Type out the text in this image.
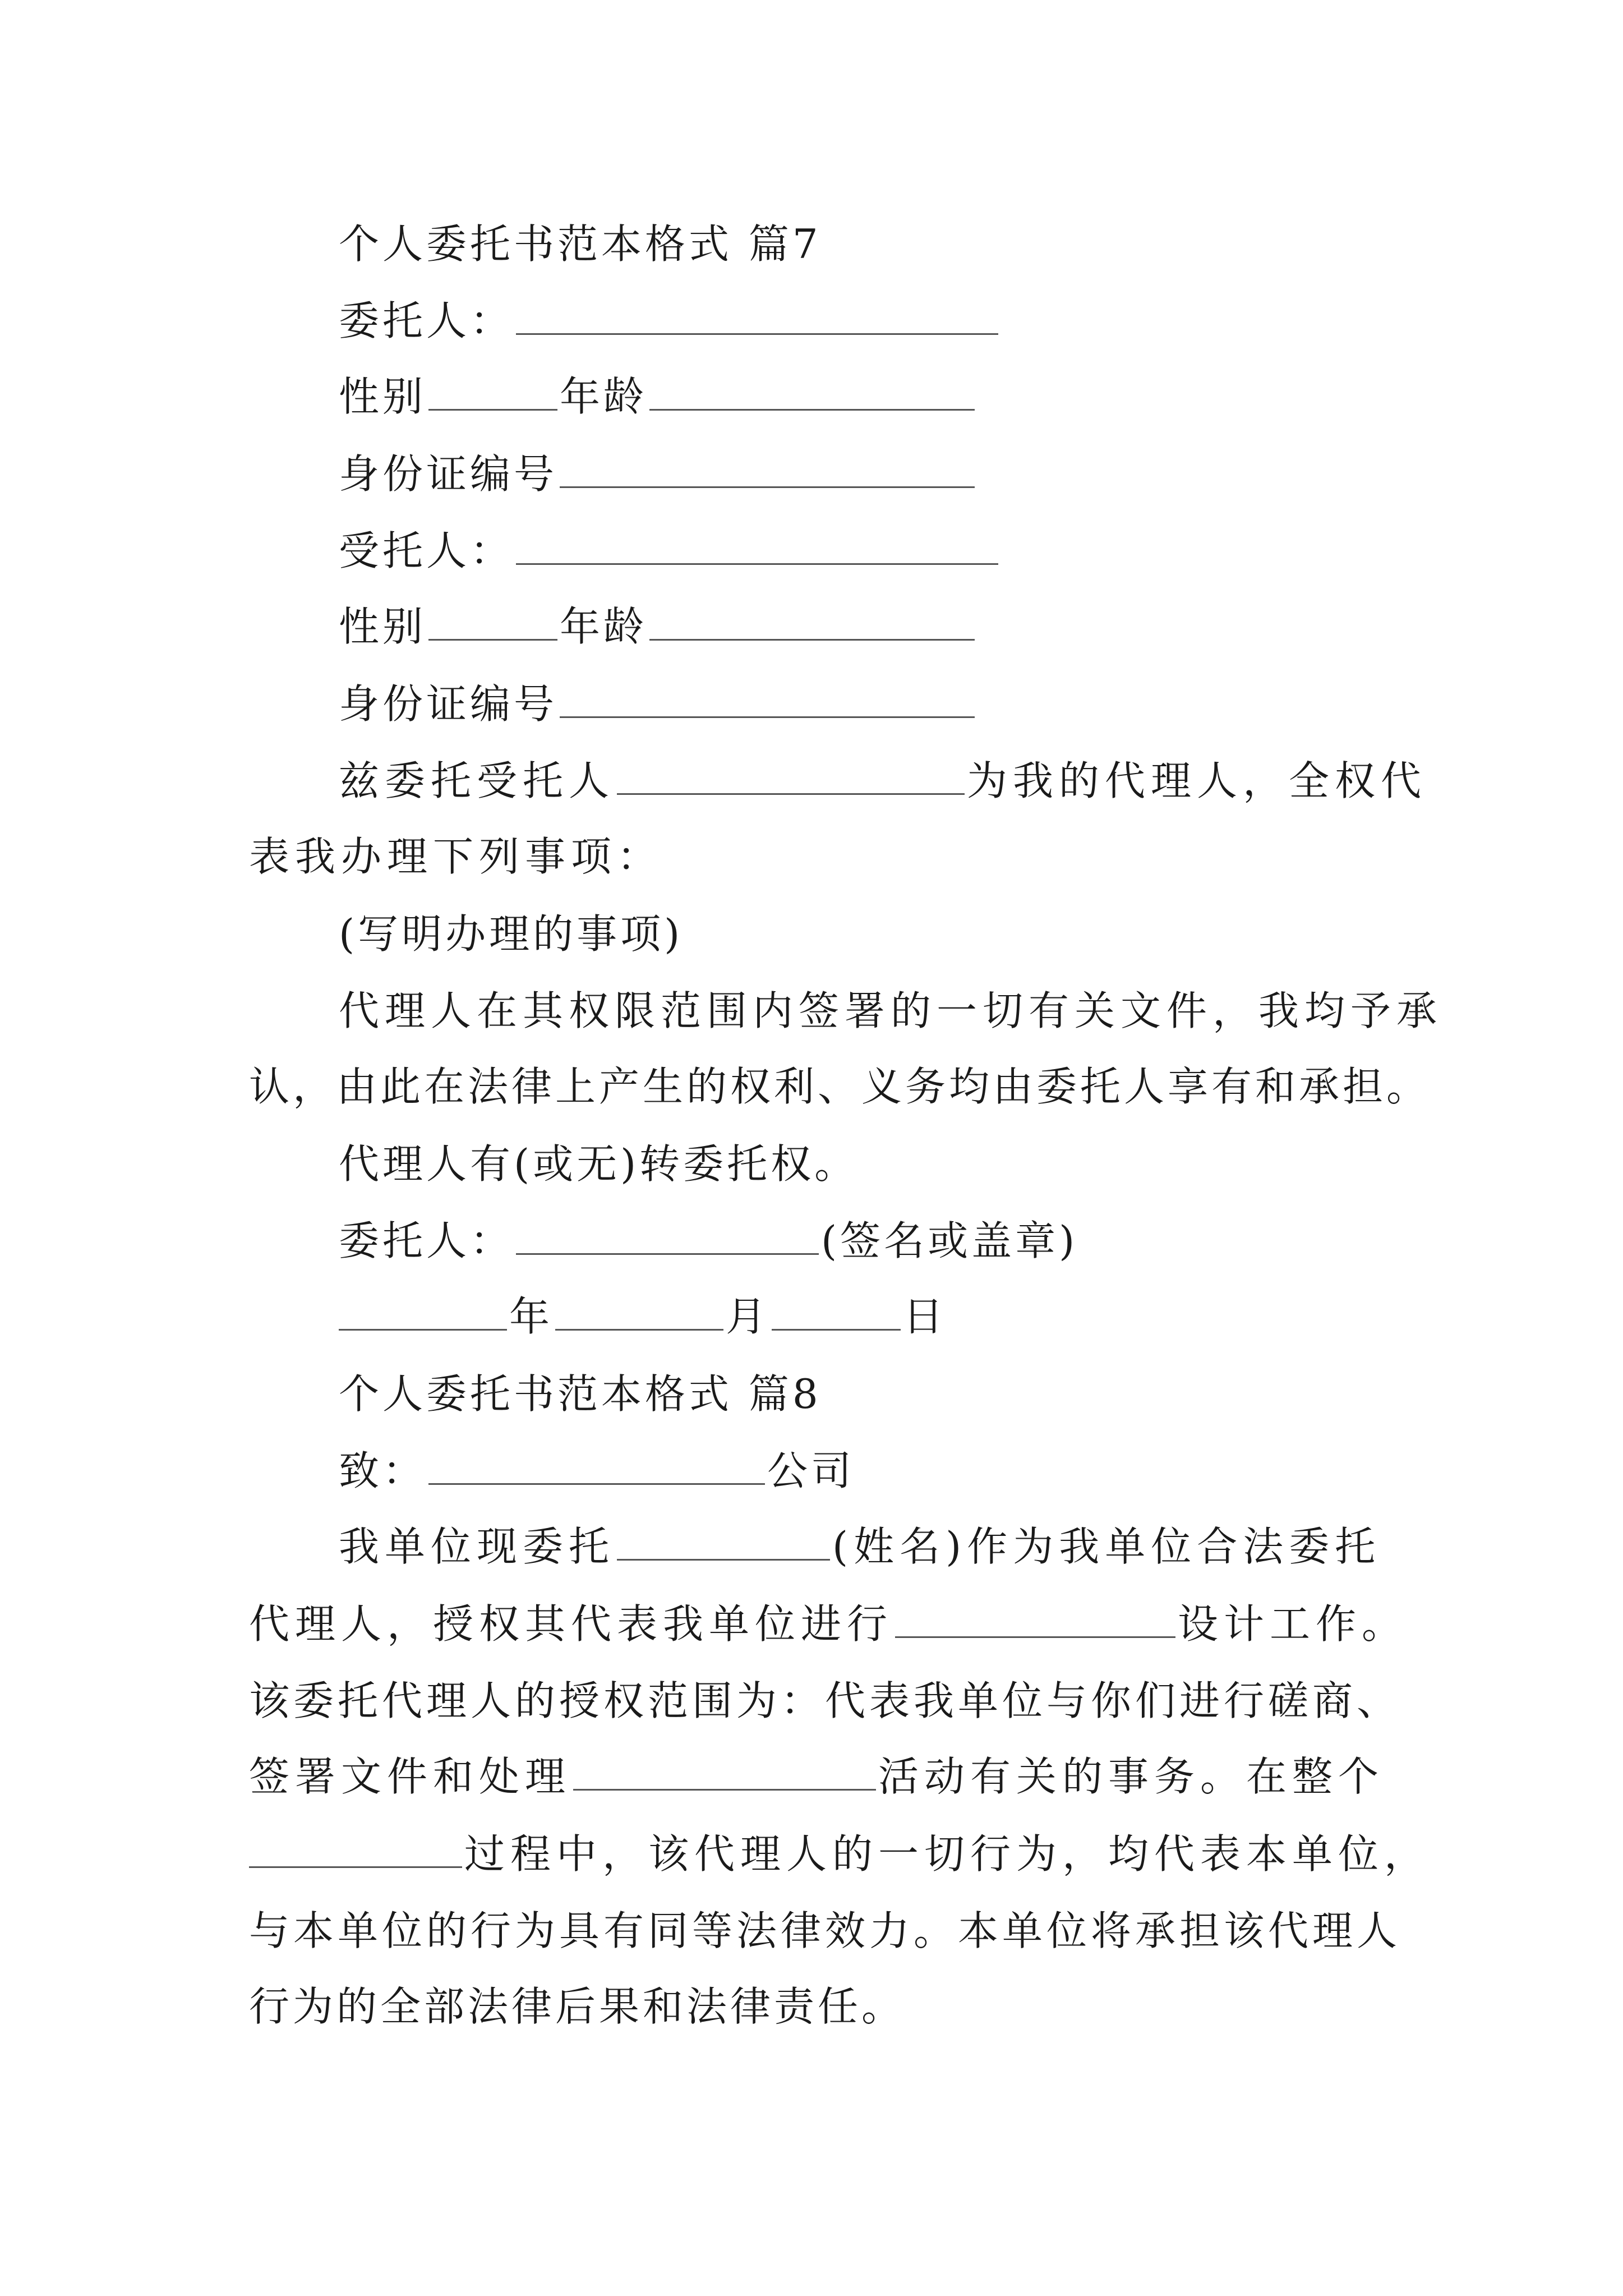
个人委托书范本格式 篇7
委托人：
性别	年龄
身份证编号
受托人：
性别	年龄
身份证编号
兹委托受托人	为我的代理人，全权代
表我办理下列事项：
(写明办理的事项)
代理人在其权限范围内签署的一切有关文件，我均予承
认，由此在法律上产生的权利、义务均由委托人享有和承担。
代理人有(或无)转委托权。
委托人：	(签名或盖章)
年	月	日
个人委托书范本格式 篇8
致：	公司
我单位现委托	(姓名)作为我单位合法委托
代理人，授权其代表我单位进行	设计工作。
该委托代理人的授权范围为：代表我单位与你们进行磋商、
签署文件和处理	活动有关的事务。在整个
过程中，该代理人的一切行为，均代表本单位，
与本单位的行为具有同等法律效力。本单位将承担该代理人
行为的全部法律后果和法律责任。
